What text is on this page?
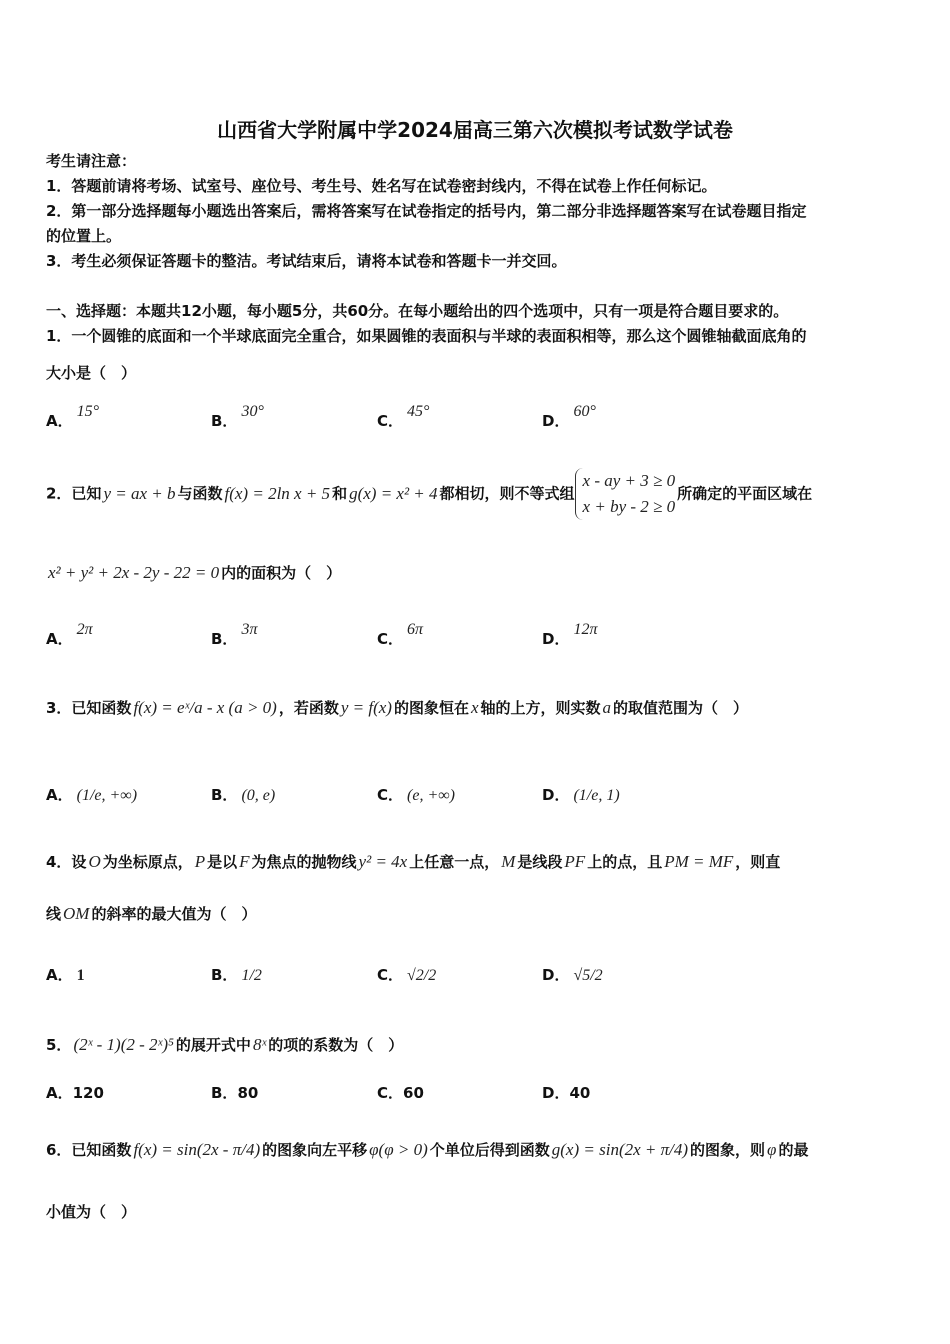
山西省大学附属中学2024届高三第六次模拟考试数学试卷
考生请注意：
1．答题前请将考场、试室号、座位号、考生号、姓名写在试卷密封线内，不得在试卷上作任何标记。
2．第一部分选择题每小题选出答案后，需将答案写在试卷指定的括号内，第二部分非选择题答案写在试卷题目指定
的位置上。
3．考生必须保证答题卡的整洁。考试结束后，请将本试卷和答题卡一并交回。
一、选择题：本题共12小题，每小题5分，共60分。在每小题给出的四个选项中，只有一项是符合题目要求的。
1．一个圆锥的底面和一个半球底面完全重合，如果圆锥的表面积与半球的表面积相等，那么这个圆锥轴截面底角的
大小是（　）
A．15°
B．30°
C．45°
D．60°
2．已知 y = ax + b 与函数 f(x) = 2ln x + 5 和 g(x) = x² + 4 都相切，则不等式组
x - ay + 3 ≥ 0
x + by - 2 ≥ 0
所确定的平面区域在
x² + y² + 2x - 2y - 22 = 0 内的面积为（　）
A．2π
B．3π
C．6π
D．12π
3．已知函数 f(x) = eˣ/a - x (a > 0) ，若函数 y = f(x) 的图象恒在 x 轴的上方，则实数 a 的取值范围为（　）
A． (1/e, +∞)	B． (0, e)	C． (e, +∞)	D． (1/e, 1)
4．设 O 为坐标原点， P 是以 F 为焦点的抛物线 y² = 4x 上任意一点， M 是线段 PF 上的点，且 PM = MF ，则直
线 OM 的斜率的最大值为（　）
A． 1	B． 1/2	C． √2/2	D． √5/2
5． (2ˣ - 1)(2 - 2ˣ)⁵ 的展开式中 8ˣ 的项的系数为（　）
A．120	B．80	C．60	D．40
6．已知函数 f(x) = sin(2x - π/4) 的图象向左平移 φ(φ > 0) 个单位后得到函数 g(x) = sin(2x + π/4) 的图象，则 φ 的最
小值为（　）
